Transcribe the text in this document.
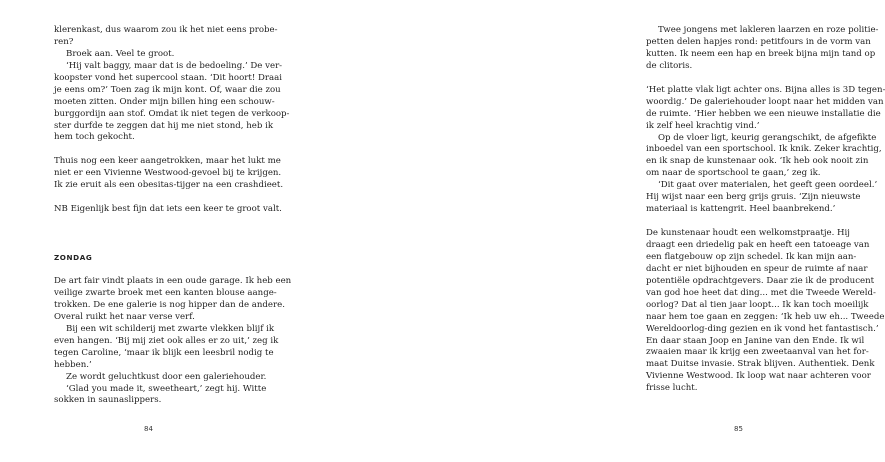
klerenkast, dus waarom zou ik het niet eens probe-
ren?
Broek aan. Veel te groot.
‘Hij valt baggy, maar dat is de bedoeling.’ De ver-
koopster vond het supercool staan. ‘Dit hoort! Draai
je eens om?’ Toen zag ik mijn kont. Of, waar die zou
moeten zitten. Onder mijn billen hing een schouw-
burggordijn aan stof. Omdat ik niet tegen de verkoop-
ster durfde te zeggen dat hij me niet stond, heb ik
hem toch gekocht.
Thuis nog een keer aangetrokken, maar het lukt me
niet er een Vivienne Westwood-gevoel bij te krijgen.
Ik zie eruit als een obesitas-tijger na een crashdieet.
NB Eigenlijk best fijn dat iets een keer te groot valt.
ZONDAG
De art fair vindt plaats in een oude garage. Ik heb een
veilige zwarte broek met een kanten blouse aange-
trokken. De ene galerie is nog hipper dan de andere.
Overal ruikt het naar verse verf.
Bij een wit schilderij met zwarte vlekken blijf ik
even hangen. ‘Bij mij ziet ook alles er zo uit,’ zeg ik
tegen Caroline, ‘maar ik blijk een leesbril nodig te
hebben.’
Ze wordt geluchtkust door een galeriehouder.
‘Glad you made it, sweetheart,’ zegt hij. Witte
sokken in saunaslippers.
84
Twee jongens met lakleren laarzen en roze politie-
petten delen hapjes rond: petitfours in de vorm van
kutten. Ik neem een hap en breek bijna mijn tand op
de clitoris.
‘Het platte vlak ligt achter ons. Bijna alles is 3D tegen-
woordig.’ De galeriehouder loopt naar het midden van
de ruimte. ‘Hier hebben we een nieuwe installatie die
ik zelf heel krachtig vind.’
Op de vloer ligt, keurig gerangschikt, de afgefikte
inboedel van een sportschool. Ik knik. Zeker krachtig,
en ik snap de kunstenaar ook. ‘Ik heb ook nooit zin
om naar de sportschool te gaan,’ zeg ik.
‘Dit gaat over materialen, het geeft geen oordeel.’
Hij wijst naar een berg grijs gruis. ‘Zijn nieuwste
materiaal is kattengrit. Heel baanbrekend.’
De kunstenaar houdt een welkomstpraatje. Hij
draagt een driedelig pak en heeft een tatoeage van
een flatgebouw op zijn schedel. Ik kan mijn aan-
dacht er niet bijhouden en speur de ruimte af naar
potentiële opdrachtgevers. Daar zie ik de producent
van god hoe heet dat ding... met die Tweede Wereld-
oorlog? Dat al tien jaar loopt... Ik kan toch moeilijk
naar hem toe gaan en zeggen: ‘Ik heb uw eh... Tweede
Wereldoorlog-ding gezien en ik vond het fantastisch.’
En daar staan Joop en Janine van den Ende. Ik wil
zwaaien maar ik krijg een zweetaanval van het for-
maat Duitse invasie. Strak blijven. Authentiek. Denk
Vivienne Westwood. Ik loop wat naar achteren voor
frisse lucht.
85
